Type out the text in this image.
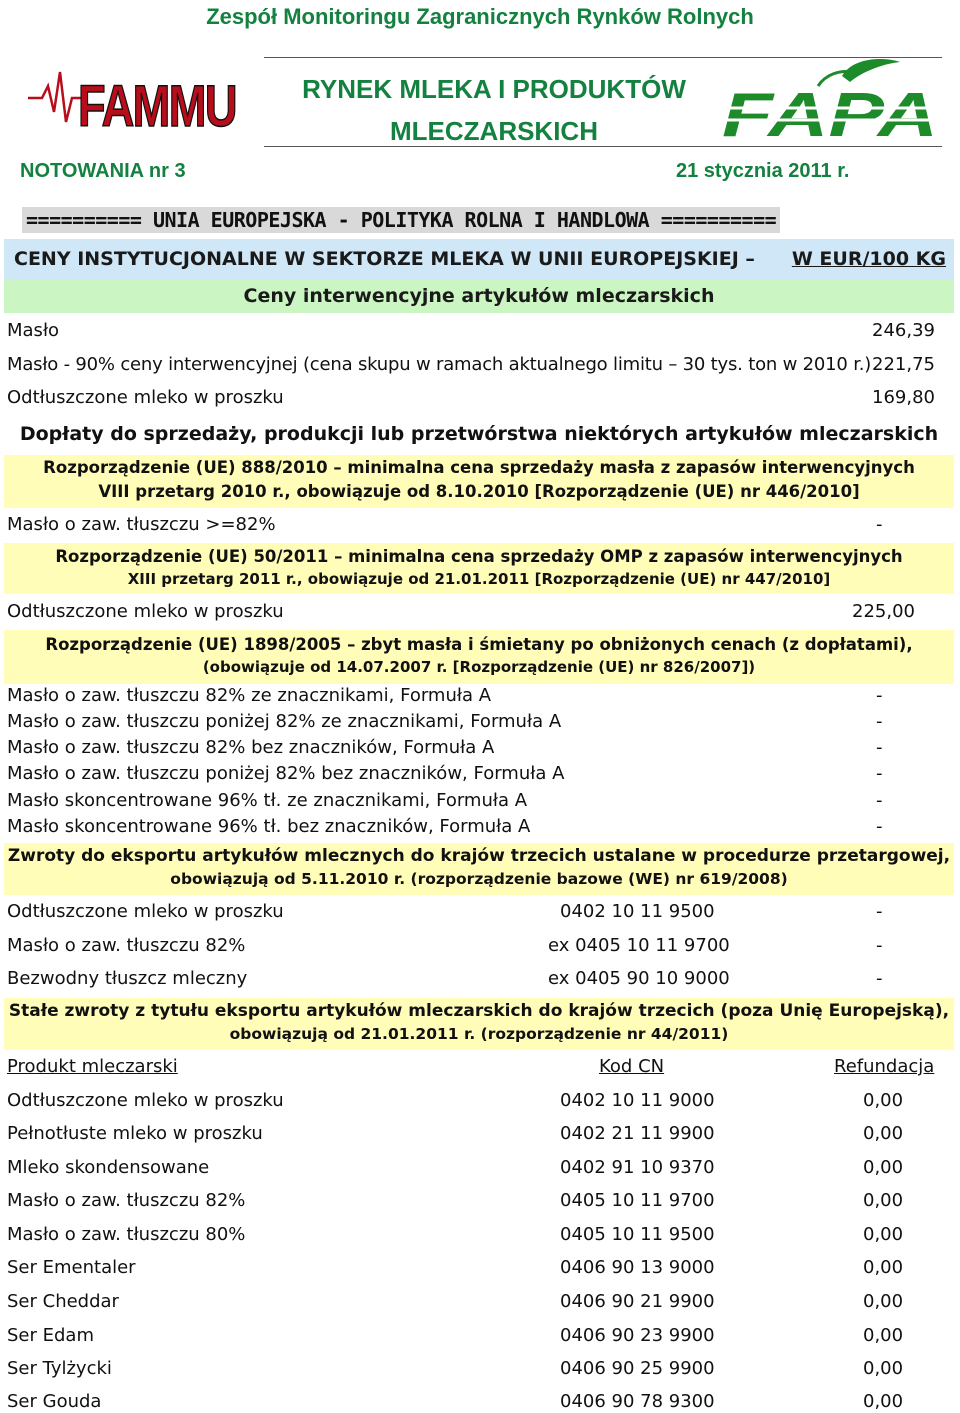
Zespół Monitoringu Zagranicznych Rynków Rolnych
FAMMU	RYNEK MLEKA I PRODUKTÓW
MLECZARSKICH	FAPA
NOTOWANIA nr 3	21 stycznia 2011 r.
========== UNIA EUROPEJSKA - POLITYKA ROLNA I HANDLOWA ==========
CENY INSTYTUCJONALNE W SEKTORZE MLEKA W UNII EUROPEJSKIEJ – W EUR/100 KG
Ceny interwencyjne artykułów mleczarskich
Masło	246,39
Masło - 90% ceny interwencyjnej (cena skupu w ramach aktualnego limitu – 30 tys. ton w 2010 r.) 221,75
Odtłuszczone mleko w proszku	169,80
Dopłaty do sprzedaży, produkcji lub przetwórstwa niektórych artykułów mleczarskich
Rozporządzenie (UE) 888/2010 – minimalna cena sprzedaży masła z zapasów interwencyjnych
VIII przetarg 2010 r., obowiązuje od 8.10.2010 [Rozporządzenie (UE) nr 446/2010]
Masło o zaw. tłuszczu >=82%	-
Rozporządzenie (UE) 50/2011 – minimalna cena sprzedaży OMP z zapasów interwencyjnych
XIII przetarg 2011 r., obowiązuje od 21.01.2011 [Rozporządzenie (UE) nr 447/2010]
Odtłuszczone mleko w proszku	225,00
Rozporządzenie (UE) 1898/2005 – zbyt masła i śmietany po obniżonych cenach (z dopłatami),
(obowiązuje od 14.07.2007 r. [Rozporządzenie (UE) nr 826/2007])
Masło o zaw. tłuszczu 82% ze znacznikami, Formuła A	-
Masło o zaw. tłuszczu poniżej 82% ze znacznikami, Formuła A	-
Masło o zaw. tłuszczu 82% bez znaczników, Formuła A	-
Masło o zaw. tłuszczu poniżej 82% bez znaczników, Formuła A	-
Masło skoncentrowane 96% tł. ze znacznikami, Formuła A	-
Masło skoncentrowane 96% tł. bez znaczników, Formuła A	-
Zwroty do eksportu artykułów mlecznych do krajów trzecich ustalane w procedurze przetargowej,
obowiązują od 5.11.2010 r. (rozporządzenie bazowe (WE) nr 619/2008)
Odtłuszczone mleko w proszku	0402 10 11 9500	-
Masło o zaw. tłuszczu 82%	ex 0405 10 11 9700	-
Bezwodny tłuszcz mleczny	ex 0405 90 10 9000	-
Stałe zwroty z tytułu eksportu artykułów mleczarskich do krajów trzecich (poza Unię Europejską),
obowiązują od 21.01.2011 r. (rozporządzenie nr 44/2011)
Produkt mleczarski	Kod CN	Refundacja
Odtłuszczone mleko w proszku	0402 10 11 9000	0,00
Pełnotłuste mleko w proszku	0402 21 11 9900	0,00
Mleko skondensowane	0402 91 10 9370	0,00
Masło o zaw. tłuszczu 82%	0405 10 11 9700	0,00
Masło o zaw. tłuszczu 80%	0405 10 11 9500	0,00
Ser Ementaler	0406 90 13 9000	0,00
Ser Cheddar	0406 90 21 9900	0,00
Ser Edam	0406 90 23 9900	0,00
Ser Tylżycki	0406 90 25 9900	0,00
Ser Gouda	0406 90 78 9300	0,00
